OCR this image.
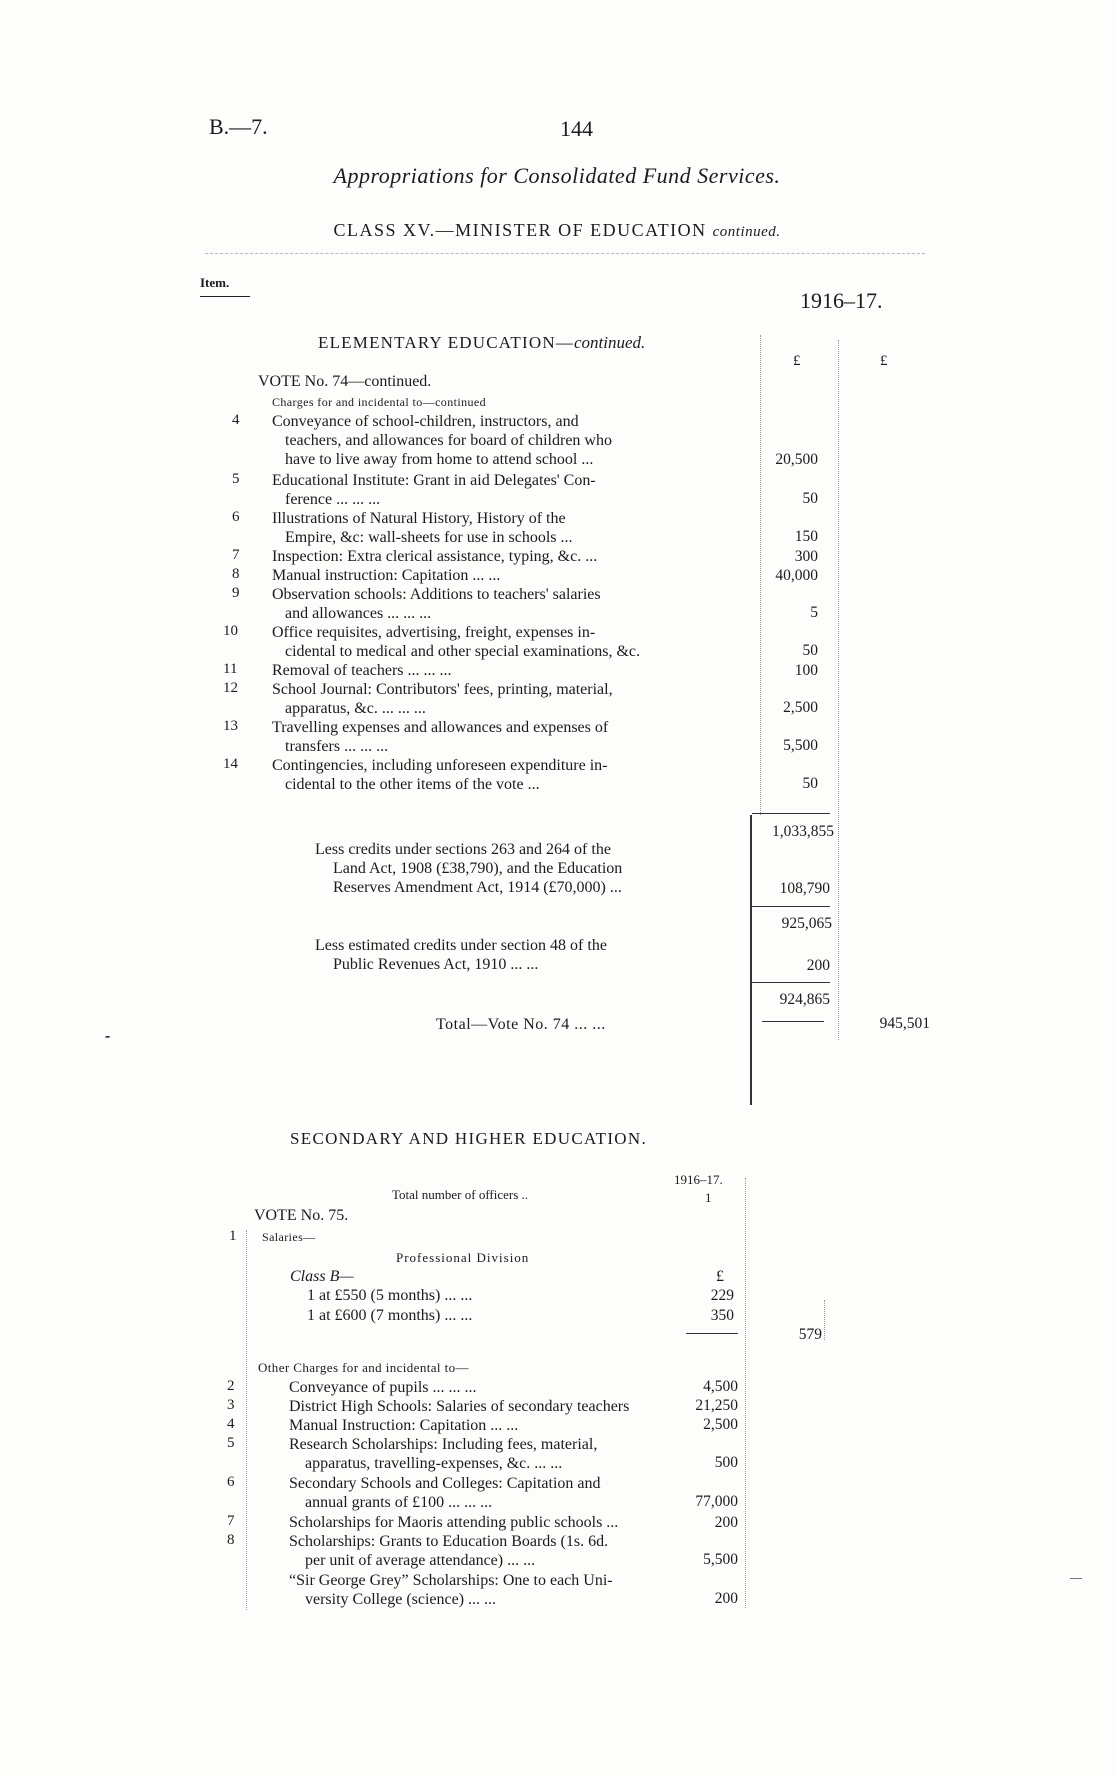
B.—7.	144
Appropriations for Consolidated Fund Services.
CLASS XV.—MINISTER OF EDUCATION continued.
Item.
1916–17.
ELEMENTARY EDUCATION—continued.
£	£
VOTE No. 74—continued.
Charges for and incidental to—continued
4 Conveyance of school-children, instructors, and
teachers, and allowances for board of children who
have to live away from home to attend school ...	20,500
5 Educational Institute: Grant in aid Delegates' Con-
ference ... ... ...	50
6 Illustrations of Natural History, History of the
Empire, &c: wall-sheets for use in schools ...	150
7 Inspection: Extra clerical assistance, typing, &c. ...	300
8 Manual instruction: Capitation ... ...	40,000
9 Observation schools: Additions to teachers' salaries
and allowances ... ... ...	5
10 Office requisites, advertising, freight, expenses in-
cidental to medical and other special examinations, &c.	50
11 Removal of teachers ... ... ...	100
12 School Journal: Contributors' fees, printing, material,
apparatus, &c. ... ... ...	2,500
13 Travelling expenses and allowances and expenses of
transfers ... ... ...	5,500
14 Contingencies, including unforeseen expenditure in-
cidental to the other items of the vote ...	50
1,033,855
Less credits under sections 263 and 264 of the
Land Act, 1908 (£38,790), and the Education
Reserves Amendment Act, 1914 (£70,000) ...	108,790
925,065
Less estimated credits under section 48 of the
Public Revenues Act, 1910 ... ...	200
924,865
Total—Vote No. 74 ... ...	945,501
SECONDARY AND HIGHER EDUCATION.
1916–17.
Total number of officers ..	1
VOTE No. 75.
1 Salaries—
Professional Division
Class B—	£
1 at £550 (5 months) ... ...	229
1 at £600 (7 months) ... ...	350
579
Other Charges for and incidental to—
2	Conveyance of pupils ... ... ...	4,500
3	District High Schools: Salaries of secondary teachers	21,250
4	Manual Instruction: Capitation ... ...	2,500
5	Research Scholarships: Including fees, material,
apparatus, travelling-expenses, &c. ... ...	500
6	Secondary Schools and Colleges: Capitation and
annual grants of £100 ... ... ...	77,000
7	Scholarships for Maoris attending public schools ...	200
8	Scholarships: Grants to Education Boards (1s. 6d.
per unit of average attendance) ... ...	5,500
“Sir George Grey” Scholarships: One to each Uni-
versity College (science) ... ...	200
⁃
—
